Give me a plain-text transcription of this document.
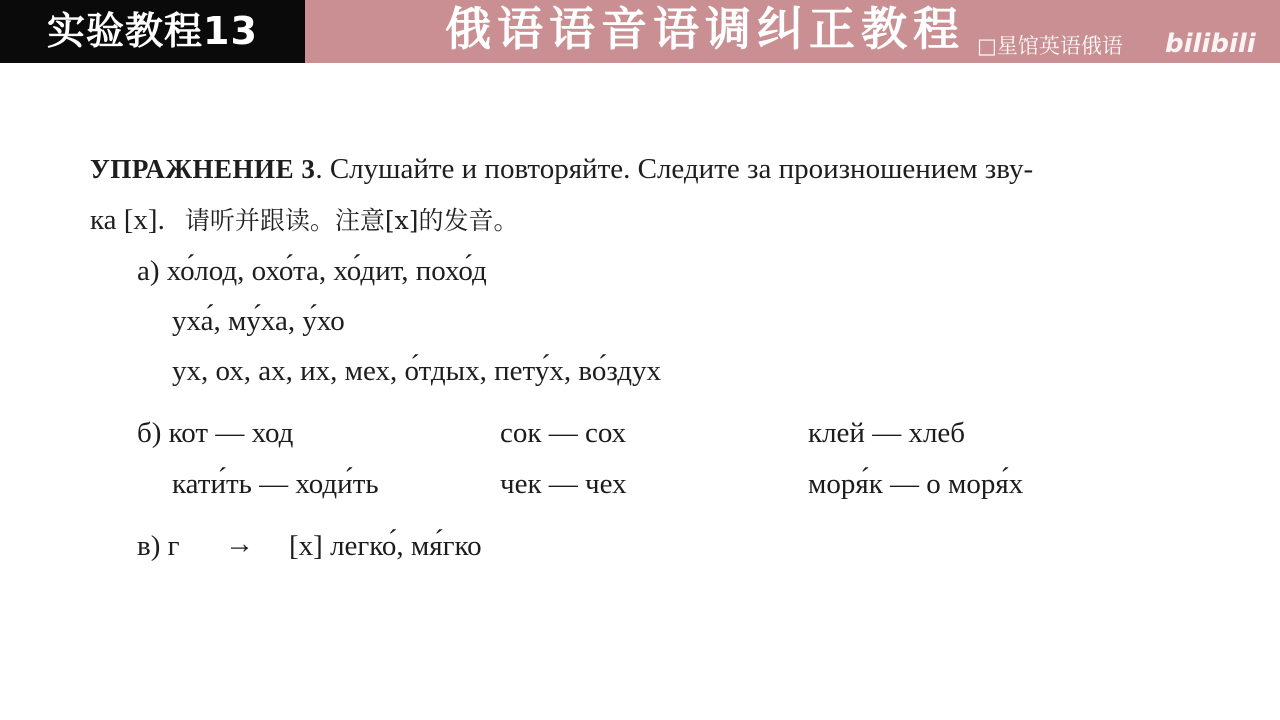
实验教程13	俄语语音语调纠正教程 □星馆英语俄语 bilibili
УПРАЖНЕНИЕ 3. Слушайте и повторяйте. Следите за произношением зву-
ка [x]. 请听并跟读。注意[x]的发音。
а) хо́лод, охо́та, хо́дит, похо́д
уха́, му́ха, у́хо
ух, ох, ах, их, мех, о́тдых, пету́х, во́здух
б) кот — ход	сок — сох	клей — хлеб
кати́ть — ходи́ть	чек — чех	моря́к — о моря́х
в) г → [x] легко́, мя́гко
